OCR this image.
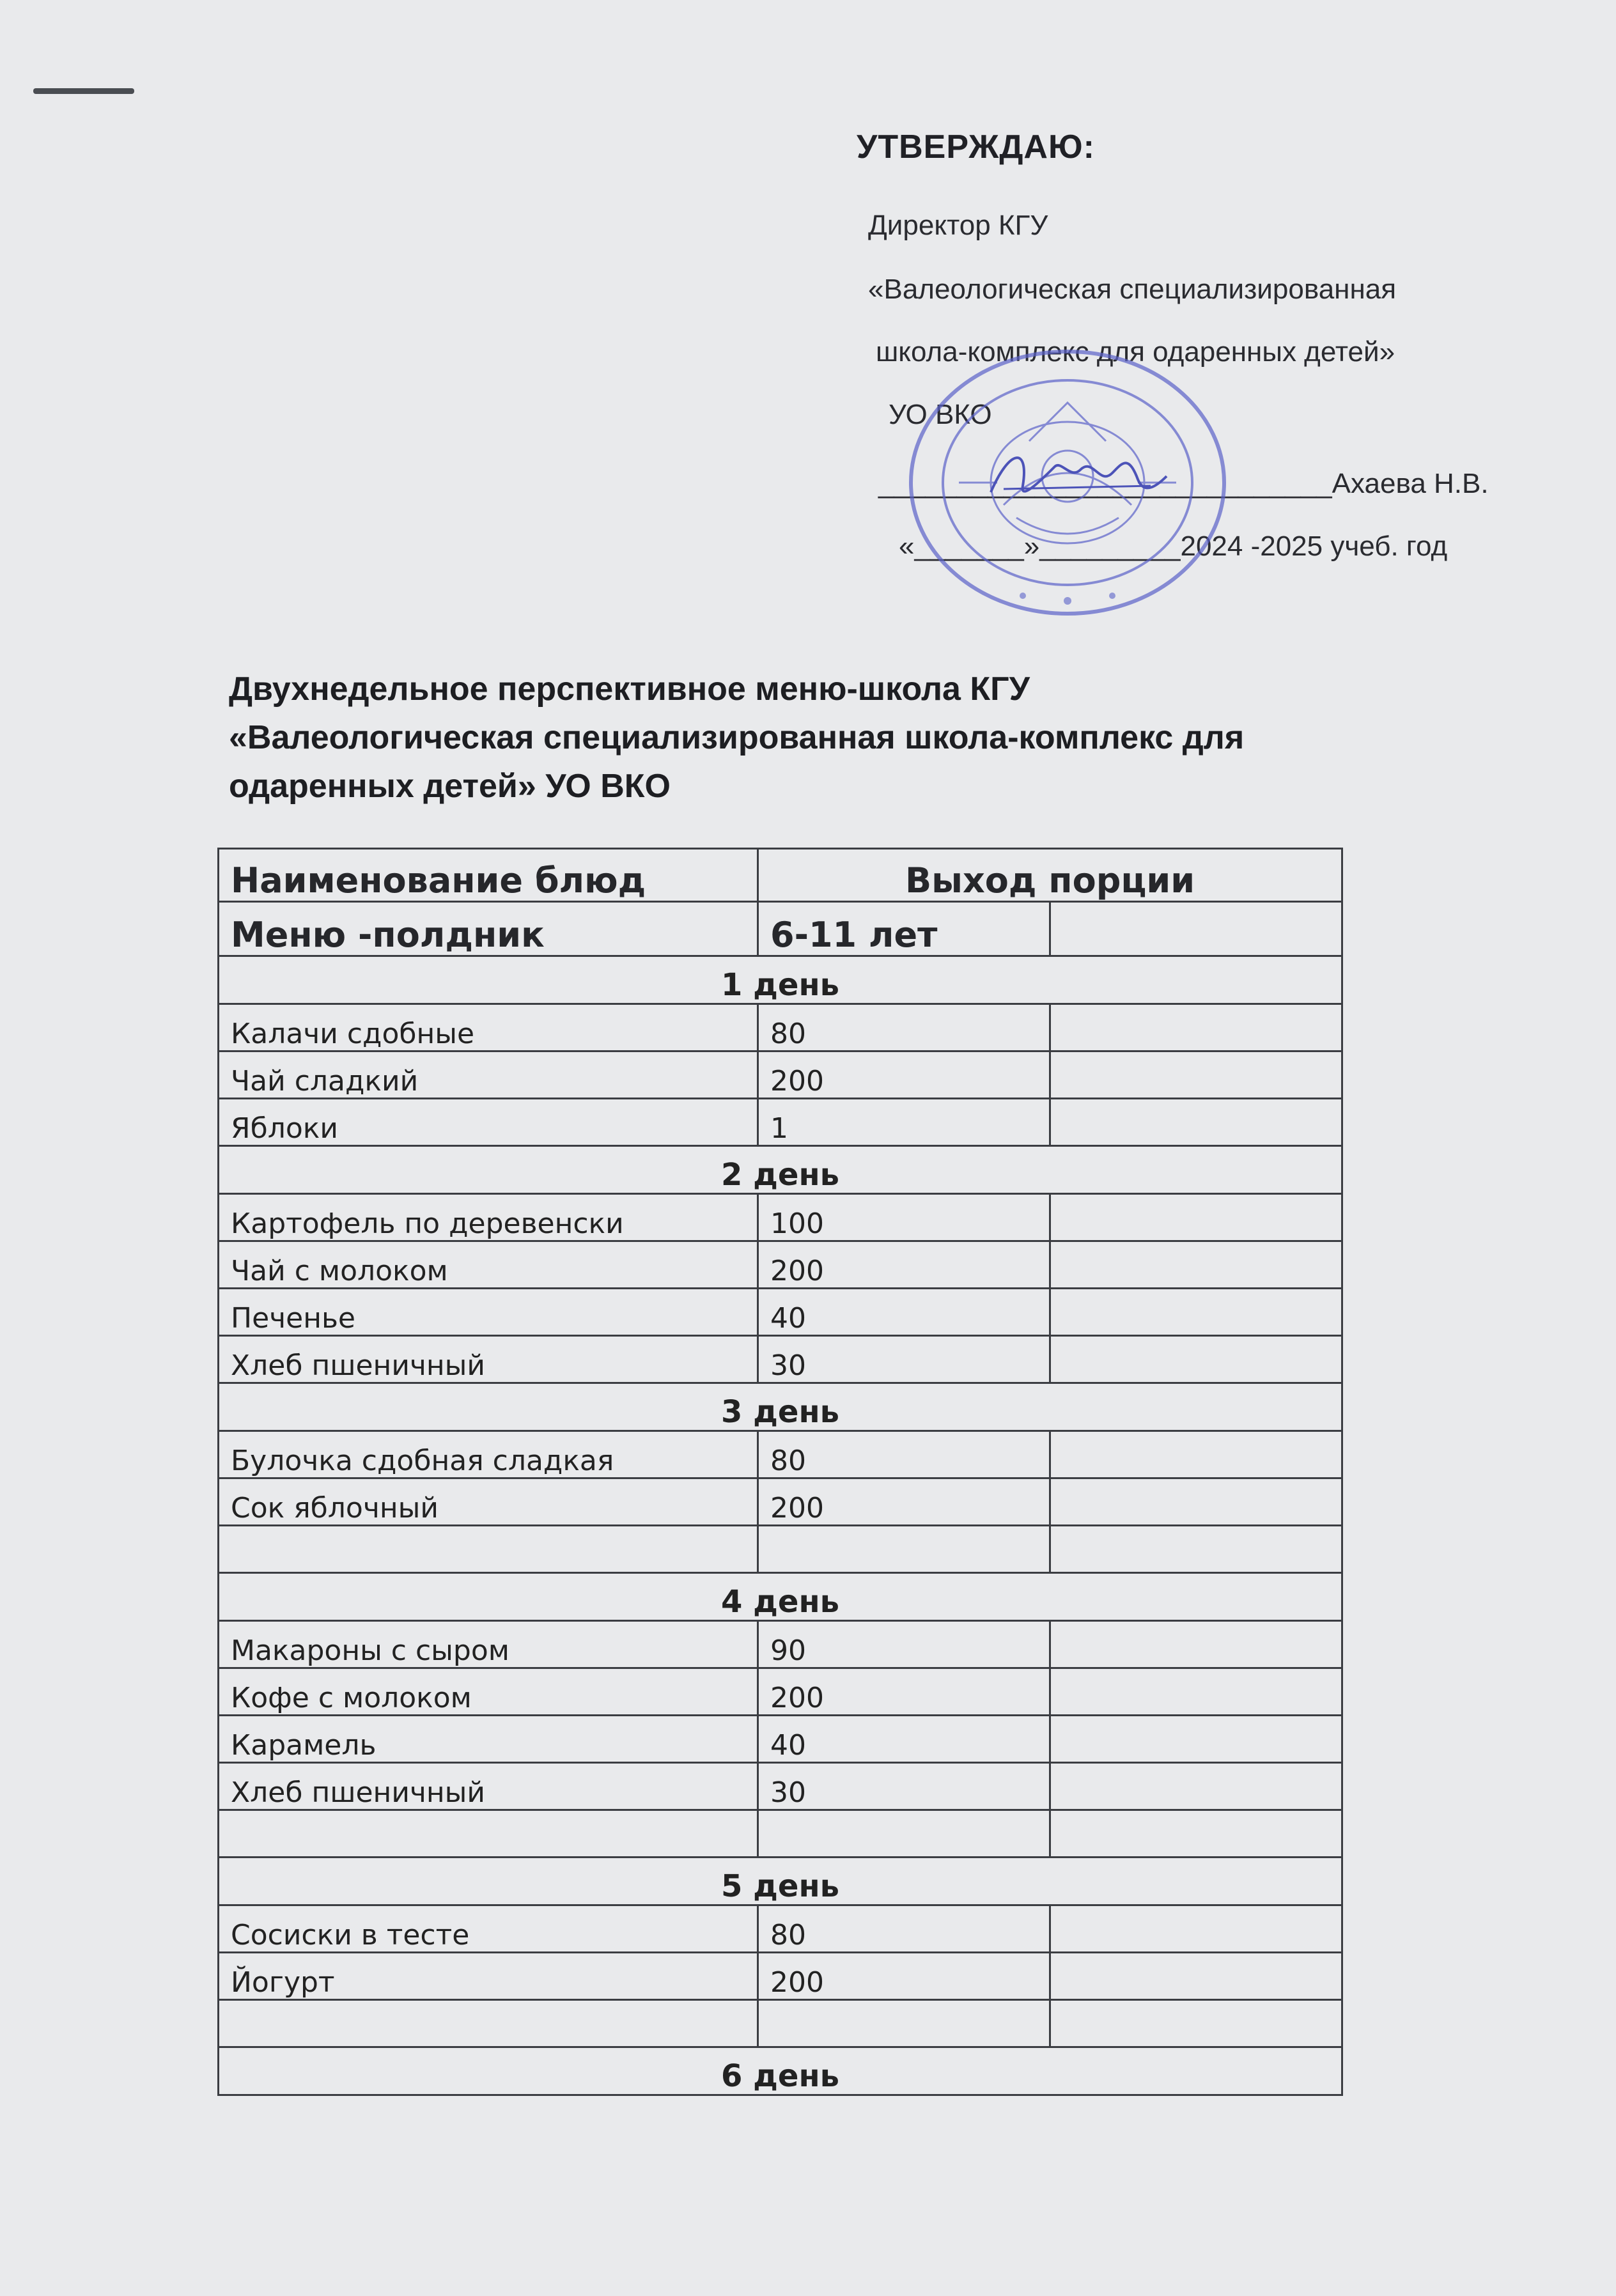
УТВЕРЖДАЮ:
Директор КГУ
«Валеологическая специализированная
школа-комплекс для одаренных детей»
УО ВКО
_____________________________Ахаева Н.В.
«_______»_________2024 -2025 учеб. год
Двухнедельное перспективное меню-школа КГУ
«Валеологическая специализированная школа-комплекс для
одаренных детей» УО ВКО
Наименование блюд	Выход порции	
Меню -полдник	6-11 лет	
1 день		
Калачи сдобные	80	
Чай сладкий	200	
Яблоки	1	
2 день		
Картофель по деревенски	100	
Чай с молоком	200	
Печенье	40	
Хлеб пшеничный	30	
3 день		
Булочка сдобная сладкая	80	
Сок яблочный	200	

4 день		
Макароны с сыром	90	
Кофе с молоком	200	
Карамель	40	
Хлеб пшеничный	30	

5 день		
Сосиски в тесте	80	
Йогурт	200	

6 день		
